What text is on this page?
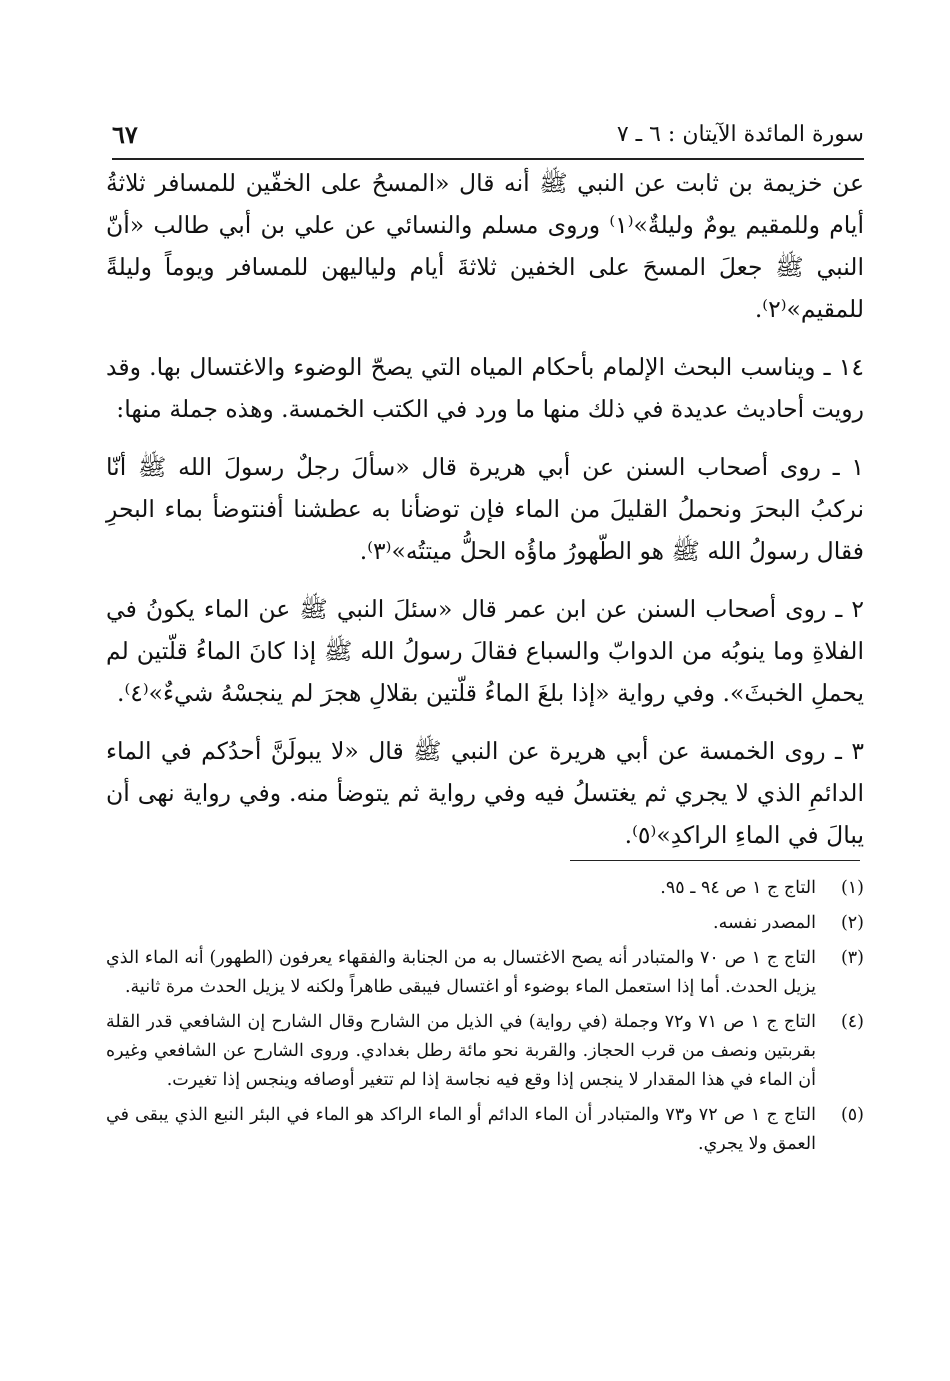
سورة المائدة الآيتان : ٦ ـ ٧
٦٧

عن خزيمة بن ثابت عن النبي ﷺ أنه قال «المسحُ على الخفّين للمسافر ثلاثةُ أيام وللمقيم يومٌ وليلةٌ»⁽١⁾ وروى مسلم والنسائي عن علي بن أبي طالب «أنّ النبي ﷺ جعلَ المسحَ على الخفين ثلاثةَ أيام ولياليهن للمسافر ويوماً وليلةً للمقيم»⁽٢⁾.

١٤ ـ ويناسب البحث الإلمام بأحكام المياه التي يصحّ الوضوء والاغتسال بها. وقد رويت أحاديث عديدة في ذلك منها ما ورد في الكتب الخمسة. وهذه جملة منها:

١ ـ روى أصحاب السنن عن أبي هريرة قال «سألَ رجلٌ رسولَ الله ﷺ أنّا نركبُ البحرَ ونحملُ القليلَ من الماء فإن توضأنا به عطشنا أفنتوضأ بماء البحرِ فقال رسولُ الله ﷺ هو الطّهورُ ماؤُه الحلُّ ميتتُه»⁽٣⁾.

٢ ـ روى أصحاب السنن عن ابن عمر قال «سئلَ النبي ﷺ عن الماء يكونُ في الفلاةِ وما ينوبُه من الدوابّ والسباع فقالَ رسولُ الله ﷺ إذا كانَ الماءُ قلّتين لم يحملِ الخبثَ». وفي رواية «إذا بلغَ الماءُ قلّتين بقلالِ هجرَ لم ينجسْهُ شيءٌ»⁽٤⁾.

٣ ـ روى الخمسة عن أبي هريرة عن النبي ﷺ قال «لا يبولَنَّ أحدُكم في الماء الدائمِ الذي لا يجري ثم يغتسلُ فيه وفي رواية ثم يتوضأ منه. وفي رواية نهى أن يبالَ في الماءِ الراكدِ»⁽٥⁾.

(١)
التاج ج ١ ص ٩٤ ـ ٩٥.
(٢)
المصدر نفسه.
(٣)
التاج ج ١ ص ٧٠ والمتبادر أنه يصح الاغتسال به من الجنابة والفقهاء يعرفون (الطهور) أنه الماء الذي يزيل الحدث. أما إذا استعمل الماء بوضوء أو اغتسال فيبقى طاهراً ولكنه لا يزيل الحدث مرة ثانية.
(٤)
التاج ج ١ ص ٧١ و٧٢ وجملة (في رواية) في الذيل من الشارح وقال الشارح إن الشافعي قدر القلة بقربتين ونصف من قرب الحجاز. والقربة نحو مائة رطل بغدادي. وروى الشارح عن الشافعي وغيره أن الماء في هذا المقدار لا ينجس إذا وقع فيه نجاسة إذا لم تتغير أوصافه وينجس إذا تغيرت.
(٥)
التاج ج ١ ص ٧٢ و٧٣ والمتبادر أن الماء الدائم أو الماء الراكد هو الماء في البئر النبع الذي يبقى في العمق ولا يجري.
